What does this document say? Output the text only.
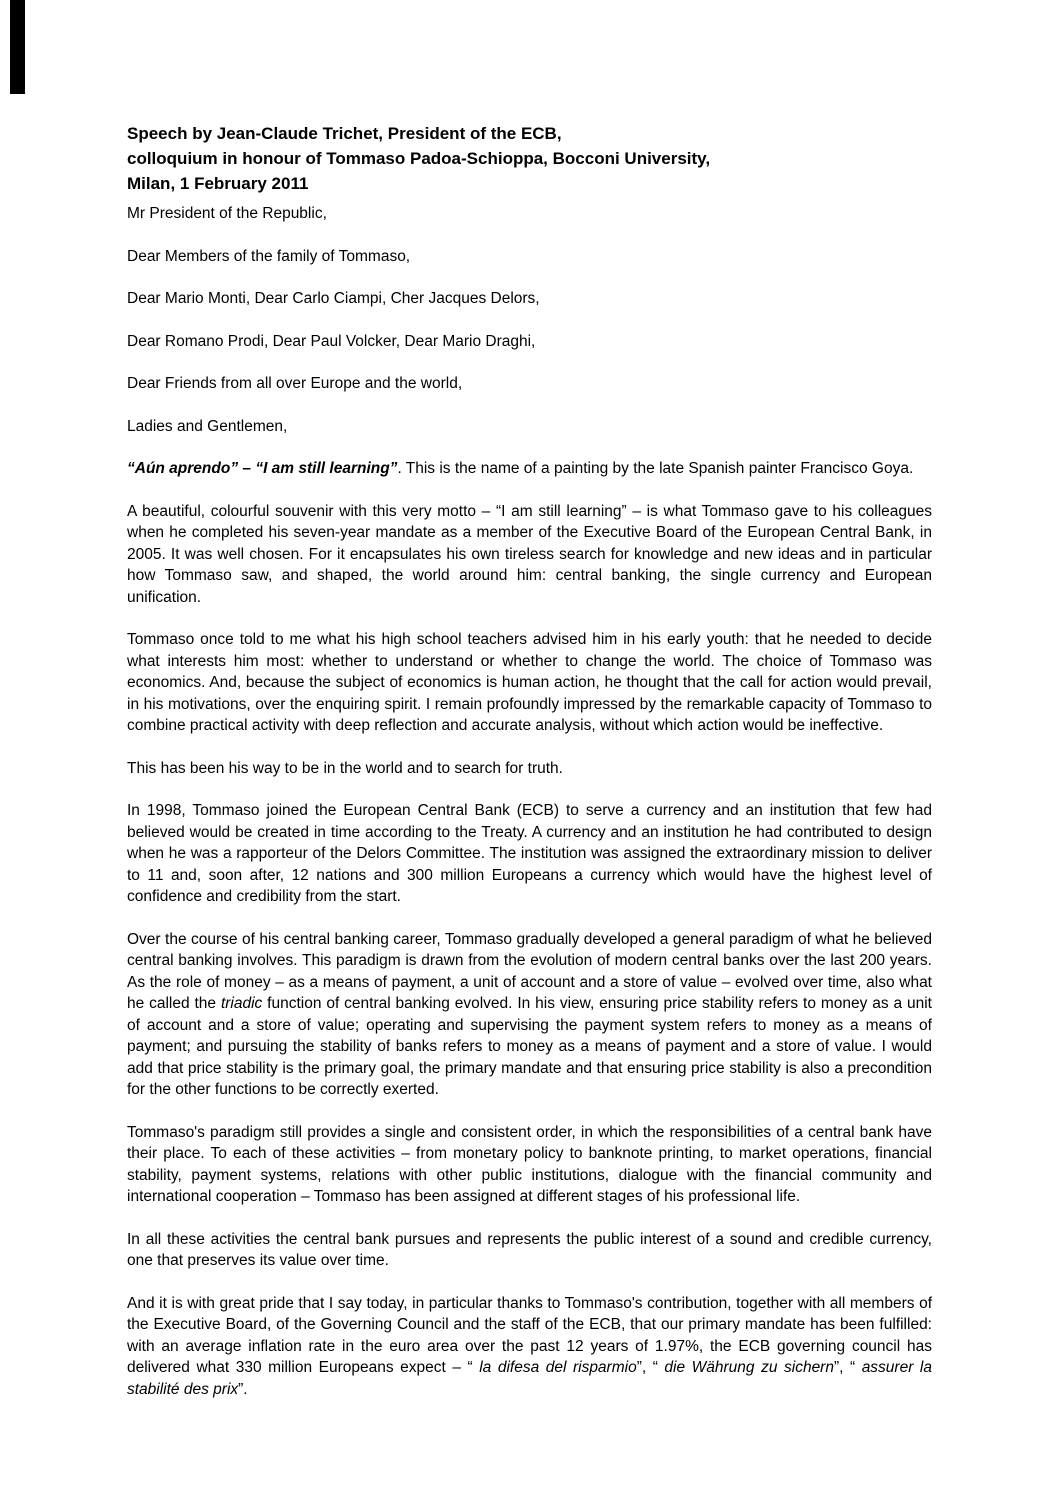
Speech by Jean-Claude Trichet, President of the ECB,
colloquium in honour of Tommaso Padoa-Schioppa, Bocconi University,
Milan, 1 February 2011

Mr President of the Republic,

Dear Members of the family of Tommaso,

Dear Mario Monti, Dear Carlo Ciampi, Cher Jacques Delors,

Dear Romano Prodi, Dear Paul Volcker, Dear Mario Draghi,

Dear Friends from all over Europe and the world,

Ladies and Gentlemen,

“Aún aprendo” – “I am still learning”. This is the name of a painting by the late Spanish painter Francisco Goya.

A beautiful, colourful souvenir with this very motto – “I am still learning” – is what Tommaso gave to his colleagues when he completed his seven-year mandate as a member of the Executive Board of the European Central Bank, in 2005. It was well chosen. For it encapsulates his own tireless search for knowledge and new ideas and in particular how Tommaso saw, and shaped, the world around him: central banking, the single currency and European unification.

Tommaso once told to me what his high school teachers advised him in his early youth: that he needed to decide what interests him most: whether to understand or whether to change the world. The choice of Tommaso was economics. And, because the subject of economics is human action, he thought that the call for action would prevail, in his motivations, over the enquiring spirit. I remain profoundly impressed by the remarkable capacity of Tommaso to combine practical activity with deep reflection and accurate analysis, without which action would be ineffective.

This has been his way to be in the world and to search for truth.

In 1998, Tommaso joined the European Central Bank (ECB) to serve a currency and an institution that few had believed would be created in time according to the Treaty. A currency and an institution he had contributed to design when he was a rapporteur of the Delors Committee. The institution was assigned the extraordinary mission to deliver to 11 and, soon after, 12 nations and 300 million Europeans a currency which would have the highest level of confidence and credibility from the start.

Over the course of his central banking career, Tommaso gradually developed a general paradigm of what he believed central banking involves. This paradigm is drawn from the evolution of modern central banks over the last 200 years. As the role of money – as a means of payment, a unit of account and a store of value – evolved over time, also what he called the triadic function of central banking evolved. In his view, ensuring price stability refers to money as a unit of account and a store of value; operating and supervising the payment system refers to money as a means of payment; and pursuing the stability of banks refers to money as a means of payment and a store of value. I would add that price stability is the primary goal, the primary mandate and that ensuring price stability is also a precondition for the other functions to be correctly exerted.

Tommaso's paradigm still provides a single and consistent order, in which the responsibilities of a central bank have their place. To each of these activities – from monetary policy to banknote printing, to market operations, financial stability, payment systems, relations with other public institutions, dialogue with the financial community and international cooperation – Tommaso has been assigned at different stages of his professional life.

In all these activities the central bank pursues and represents the public interest of a sound and credible currency, one that preserves its value over time.

And it is with great pride that I say today, in particular thanks to Tommaso's contribution, together with all members of the Executive Board, of the Governing Council and the staff of the ECB, that our primary mandate has been fulfilled: with an average inflation rate in the euro area over the past 12 years of 1.97%, the ECB governing council has delivered what 330 million Europeans expect – “ la difesa del risparmio”, “ die Währung zu sichern”, “ assurer la stabilité des prix”.
